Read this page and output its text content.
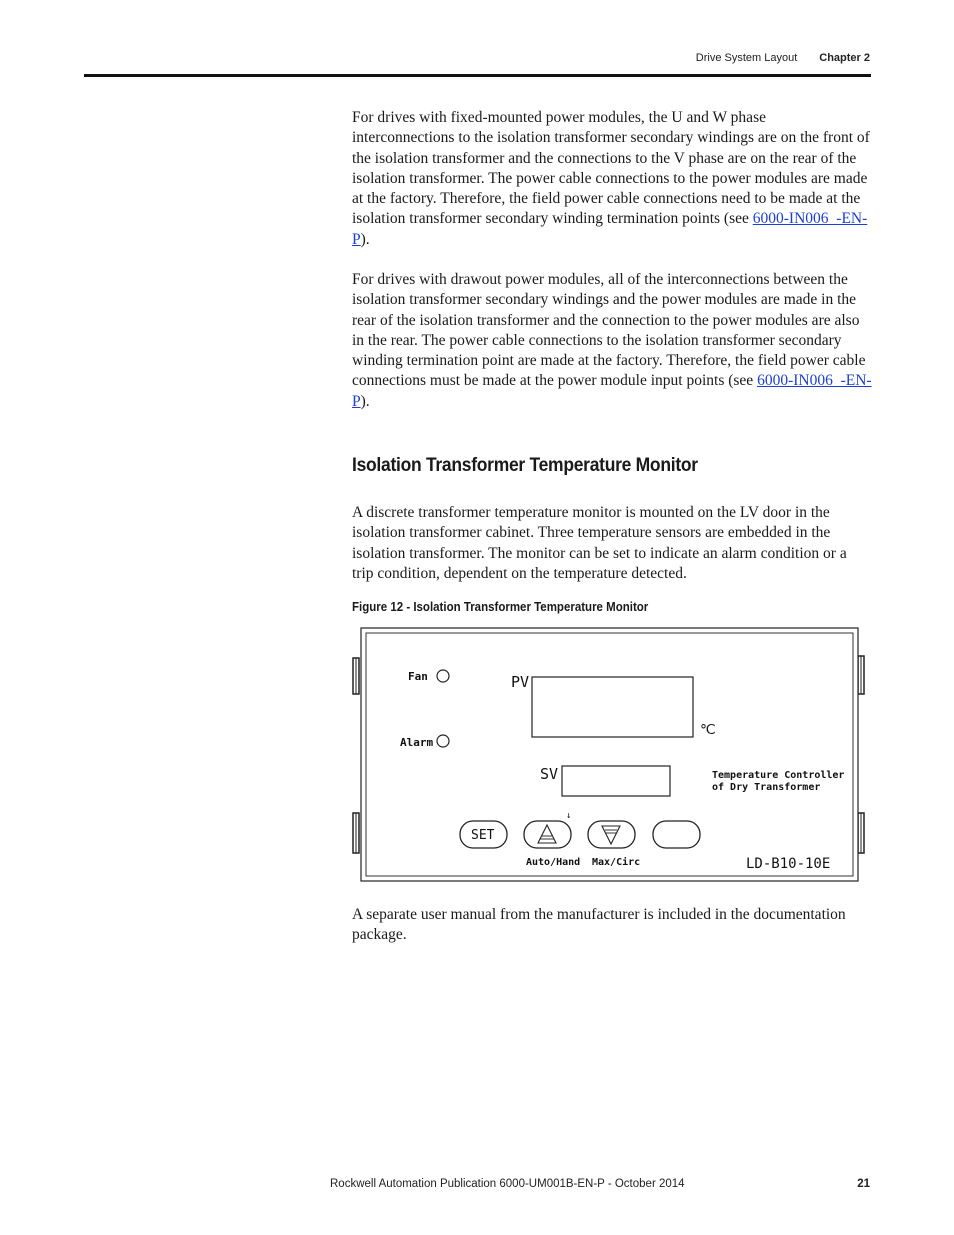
Drive System Layout Chapter 2

For drives with fixed-mounted power modules, the U and W phase interconnections to the isolation transformer secondary windings are on the front of the isolation transformer and the connections to the V phase are on the rear of the isolation transformer. The power cable connections to the power modules are made at the factory. Therefore, the field power cable connections need to be made at the isolation transformer secondary winding termination points (see 6000-IN006_-EN-P).

For drives with drawout power modules, all of the interconnections between the isolation transformer secondary windings and the power modules are made in the rear of the isolation transformer and the connection to the power modules are also in the rear. The power cable connections to the isolation transformer secondary winding termination point are made at the factory. Therefore, the field power cable connections must be made at the power module input points (see 6000-IN006_-EN-P).

Isolation Transformer Temperature Monitor

A discrete transformer temperature monitor is mounted on the LV door in the isolation transformer cabinet. Three temperature sensors are embedded in the isolation transformer. The monitor can be set to indicate an alarm condition or a trip condition, dependent on the temperature detected.

Figure 12 - Isolation Transformer Temperature Monitor
Fan
Alarm
PV
℃
SV	Temperature Controller
of Dry Transformer
SET
↓
Auto/Hand Max/Circ	LD-B10-10E

A separate user manual from the manufacturer is included in the documentation package.

Rockwell Automation Publication 6000-UM001B-EN-P - October 2014	21
